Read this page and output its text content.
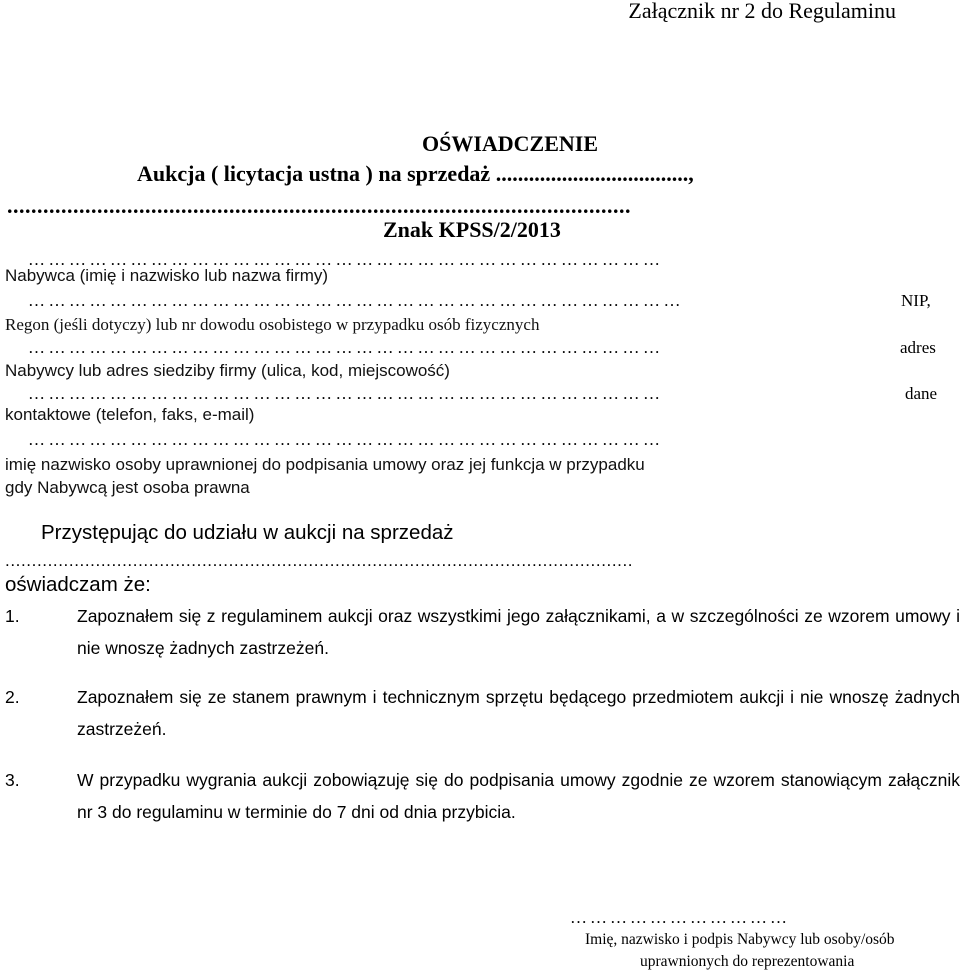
Załącznik nr 2 do Regulaminu
OŚWIADCZENIE
Aukcja ( licytacja ustna ) na sprzedaż ...................................,
........................................................................................................
Znak KPSS/2/2013
…………………………………………………………………………………
Nabywca (imię i nazwisko lub nazwa firmy)
……………………………………………………………………………………	NIP,
Regon (jeśli dotyczy) lub nr dowodu osobistego w przypadku osób fizycznych
…………………………………………………………………………………	adres
Nabywcy lub adres siedziby firmy (ulica, kod, miejscowość)
…………………………………………………………………………………	dane
kontaktowe (telefon, faks, e-mail)
…………………………………………………………………………………
imię nazwisko osoby uprawnionej do podpisania umowy oraz jej funkcja w przypadku
gdy Nabywcą jest osoba prawna
Przystępując do udziału w aukcji na sprzedaż
......................................................................................................................
oświadczam że:
1.	Zapoznałem się z regulaminem aukcji oraz wszystkimi jego załącznikami, a w szczególności ze wzorem umowy i nie wnoszę żadnych zastrzeżeń.
2.	Zapoznałem się ze stanem prawnym i technicznym sprzętu będącego przedmiotem aukcji i nie wnoszę żadnych zastrzeżeń.
3.	W przypadku wygrania aukcji zobowiązuję się do podpisania umowy zgodnie ze wzorem stanowiącym załącznik nr 3 do regulaminu w terminie do 7 dni od dnia przybicia.
……………………………
Imię, nazwisko i podpis Nabywcy lub osoby/osób
uprawnionych do reprezentowania
